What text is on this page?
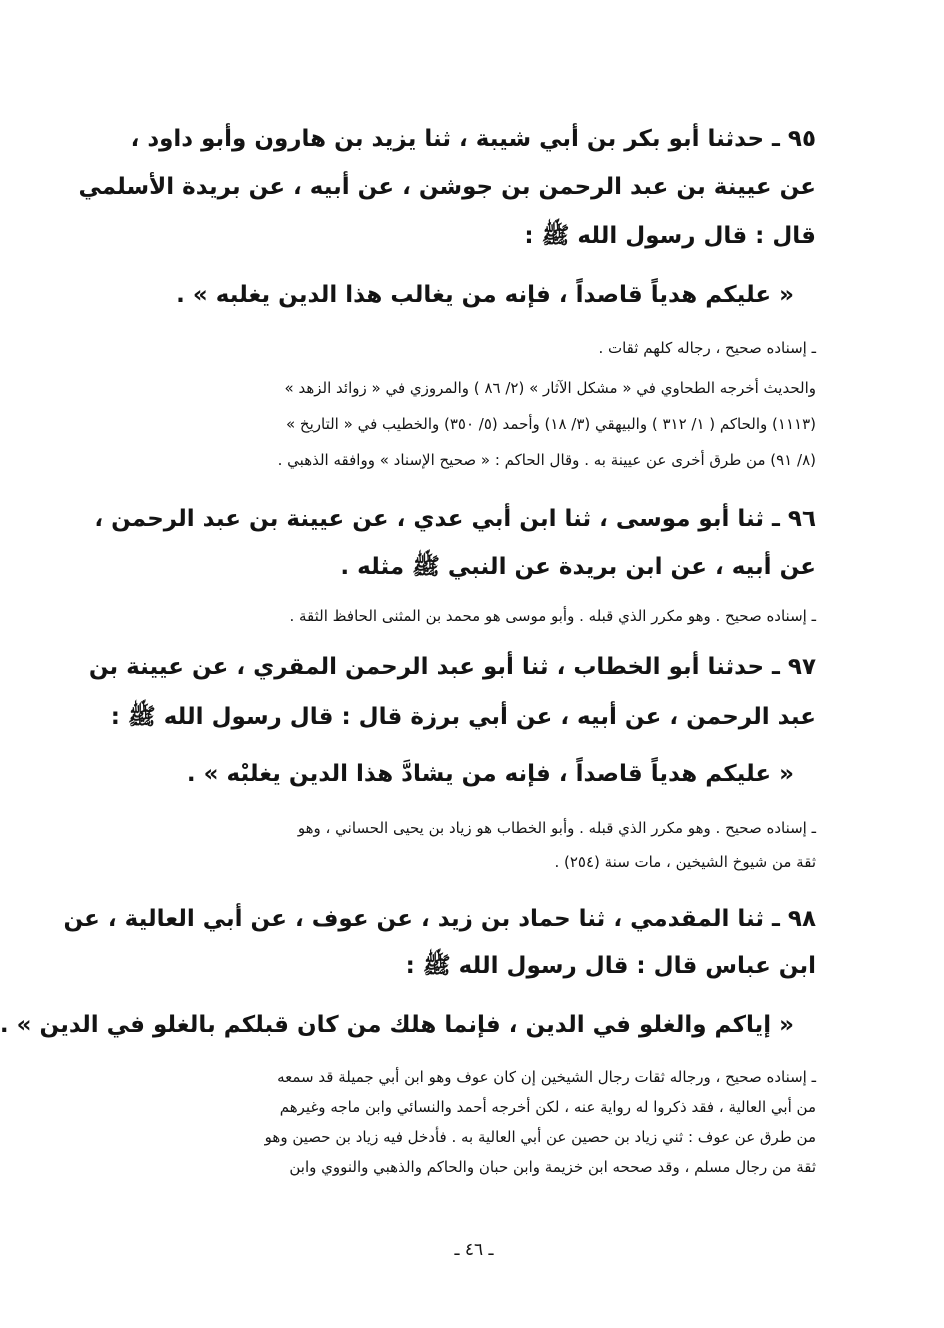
٩٥ ـ حدثنا أبو بكر بن أبي شيبة ، ثنا يزيد بن هارون وأبو داود ،

عن عيينة بن عبد الرحمن بن جوشن ، عن أبيه ، عن بريدة الأسلمي

قال : قال رسول الله ﷺ :

« عليكم هدياً قاصداً ، فإنه من يغالب هذا الدين يغلبه » .

ـ إسناده صحيح ، رجاله كلهم ثقات .

والحديث أخرجه الطحاوي في « مشكل الآثار » (٢/ ٨٦ ) والمروزي في « زوائد الزهد »

(١١١٣) والحاكم ( ١/ ٣١٢ ) والبيهقي (٣/ ١٨) وأحمد (٥/ ٣٥٠) والخطيب في « التاريخ »

(٨/ ٩١) من طرق أخرى عن عيينة به . وقال الحاكم : « صحيح الإسناد » ووافقه الذهبي .

٩٦ ـ ثنا أبو موسى ، ثنا ابن أبي عدي ، عن عيينة بن عبد الرحمن ،

عن أبيه ، عن ابن بريدة عن النبي ﷺ مثله .

ـ إسناده صحيح . وهو مكرر الذي قبله . وأبو موسى هو محمد بن المثنى الحافظ الثقة .

٩٧ ـ حدثنا أبو الخطاب ، ثنا أبو عبد الرحمن المقري ، عن عيينة بن

عبد الرحمن ، عن أبيه ، عن أبي برزة قال : قال رسول الله ﷺ :

« عليكم هدياً قاصداً ، فإنه من يشادَّ هذا الدين يغلبْه » .

ـ إسناده صحيح . وهو مكرر الذي قبله . وأبو الخطاب هو زياد بن يحيى الحساني ، وهو

ثقة من شيوخ الشيخين ، مات سنة (٢٥٤) .

٩٨ ـ ثنا المقدمي ، ثنا حماد بن زيد ، عن عوف ، عن أبي العالية ، عن

ابن عباس قال : قال رسول الله ﷺ :

« إياكم والغلو في الدين ، فإنما هلك من كان قبلكم بالغلو في الدين » .

ـ إسناده صحيح ، ورجاله ثقات رجال الشيخين إن كان عوف وهو ابن أبي جميلة قد سمعه

من أبي العالية ، فقد ذكروا له رواية عنه ، لكن أخرجه أحمد والنسائي وابن ماجه وغيرهم

من طرق عن عوف : ثني زياد بن حصين عن أبي العالية به . فأدخل فيه زياد بن حصين وهو

ثقة من رجال مسلم ، وقد صححه ابن خزيمة وابن حبان والحاكم والذهبي والنووي وابن

ـ ٤٦ ـ
